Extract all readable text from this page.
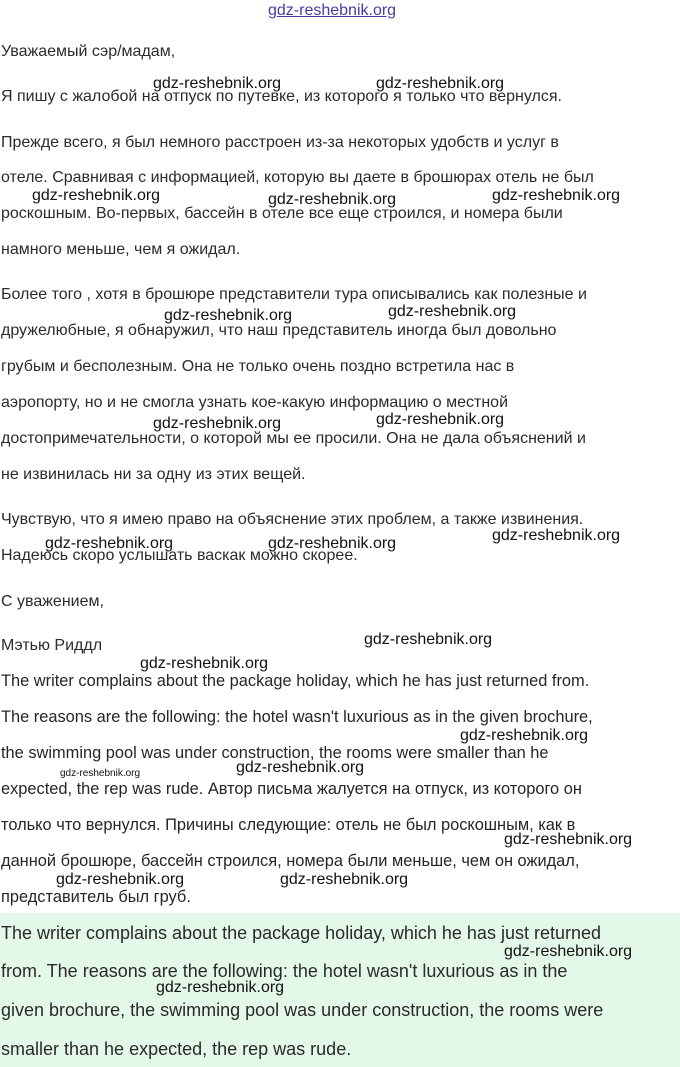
gdz-reshebnik.org
Уважаемый сэр/мадам,
Я пишу с жалобой на отпуск по путевке, из которого я только что вернулся.
Прежде всего, я был немного расстроен из-за некоторых удобств и услуг в
отеле. Сравнивая с информацией, которую вы даете в брошюрах отель не был
роскошным. Во-первых, бассейн в отеле все еще строился, и номера были
намного меньше, чем я ожидал.
Более того , хотя в брошюре представители тура описывались как полезные и
дружелюбные, я обнаружил, что наш представитель иногда был довольно
грубым и бесполезным. Она не только очень поздно встретила нас в
аэропорту, но и не смогла узнать кое-какую информацию о местной
достопримечательности, о которой мы ее просили. Она не дала объяснений и
не извинилась ни за одну из этих вещей.
Чувствую, что я имею право на объяснение этих проблем, а также извинения.
Надеюсь скоро услышать васкак можно скорее.
С уважением,
Мэтью Риддл
The writer complains about the package holiday, which he has just returned from.
The reasons are the following: the hotel wasn't luxurious as in the given brochure,
the swimming pool was under construction, the rooms were smaller than he
expected, the rep was rude. Автор письма жалуется на отпуск, из которого он
только что вернулся. Причины следующие: отель не был роскошным, как в
данной брошюре, бассейн строился, номера были меньше, чем он ожидал,
представитель был груб.
The writer complains about the package holiday, which he has just returned
from. The reasons are the following: the hotel wasn't luxurious as in the
given brochure, the swimming pool was under construction, the rooms were
smaller than he expected, the rep was rude.
gdz-reshebnik.org	gdz-reshebnik.org
gdz-reshebnik.org	gdz-reshebnik.org	gdz-reshebnik.org
gdz-reshebnik.org
gdz-reshebnik.org
gdz-reshebnik.org
gdz-reshebnik.org
gdz-reshebnik.org
gdz-reshebnik.org	gdz-reshebnik.org
gdz-reshebnik.org
gdz-reshebnik.org
gdz-reshebnik.org
gdz-reshebnik.org
gdz-reshebnik.org
gdz-reshebnik.org
gdz-reshebnik.org	gdz-reshebnik.org
gdz-reshebnik.org
gdz-reshebnik.org
